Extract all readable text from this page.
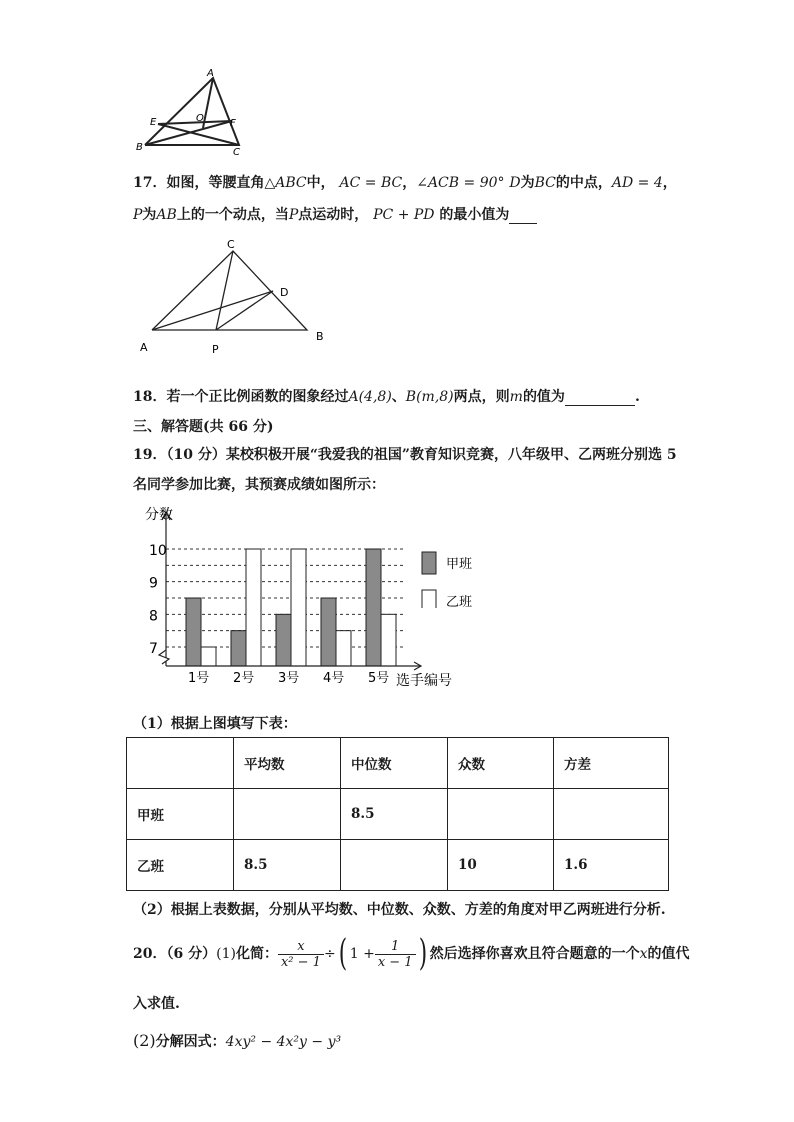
A
E	O	F
B	C
17．如图，等腰直角△ABC中， AC = BC，∠ACB = 90° D为BC的中点，AD = 4，
P为AB上的一个动点，当P点运动时， PC + PD 的最小值为
C
D
A	P
B
18．若一个正比例函数的图象经过A(4,8)、B(m,8)两点，则m的值为	.
三、解答题(共 66 分)
19．（10 分）某校积极开展“我爱我的祖国”教育知识竞赛，八年级甲、乙两班分别选 5
名同学参加比赛，其预赛成绩如图所示：
7
8
9
10
分数
1号 2号 3号 4号 5号 选手编号
甲班
乙班
（1）根据上图填写下表：
	平均数	中位数	众数	方差
甲班		8.5		
乙班	8.5		10	1.6
（2）根据上表数据，分别从平均数、中位数、众数、方差的角度对甲乙两班进行分析.
20．（6 分）(1)化简： $\frac{x}{\text{x² − 1}}$ ÷( $1 + \frac{1}{x - 1}$ ) 然后选择你喜欢且符合题意的一个x的值代
入求值.
(2)分解因式：4xy² − 4x²y − y³
